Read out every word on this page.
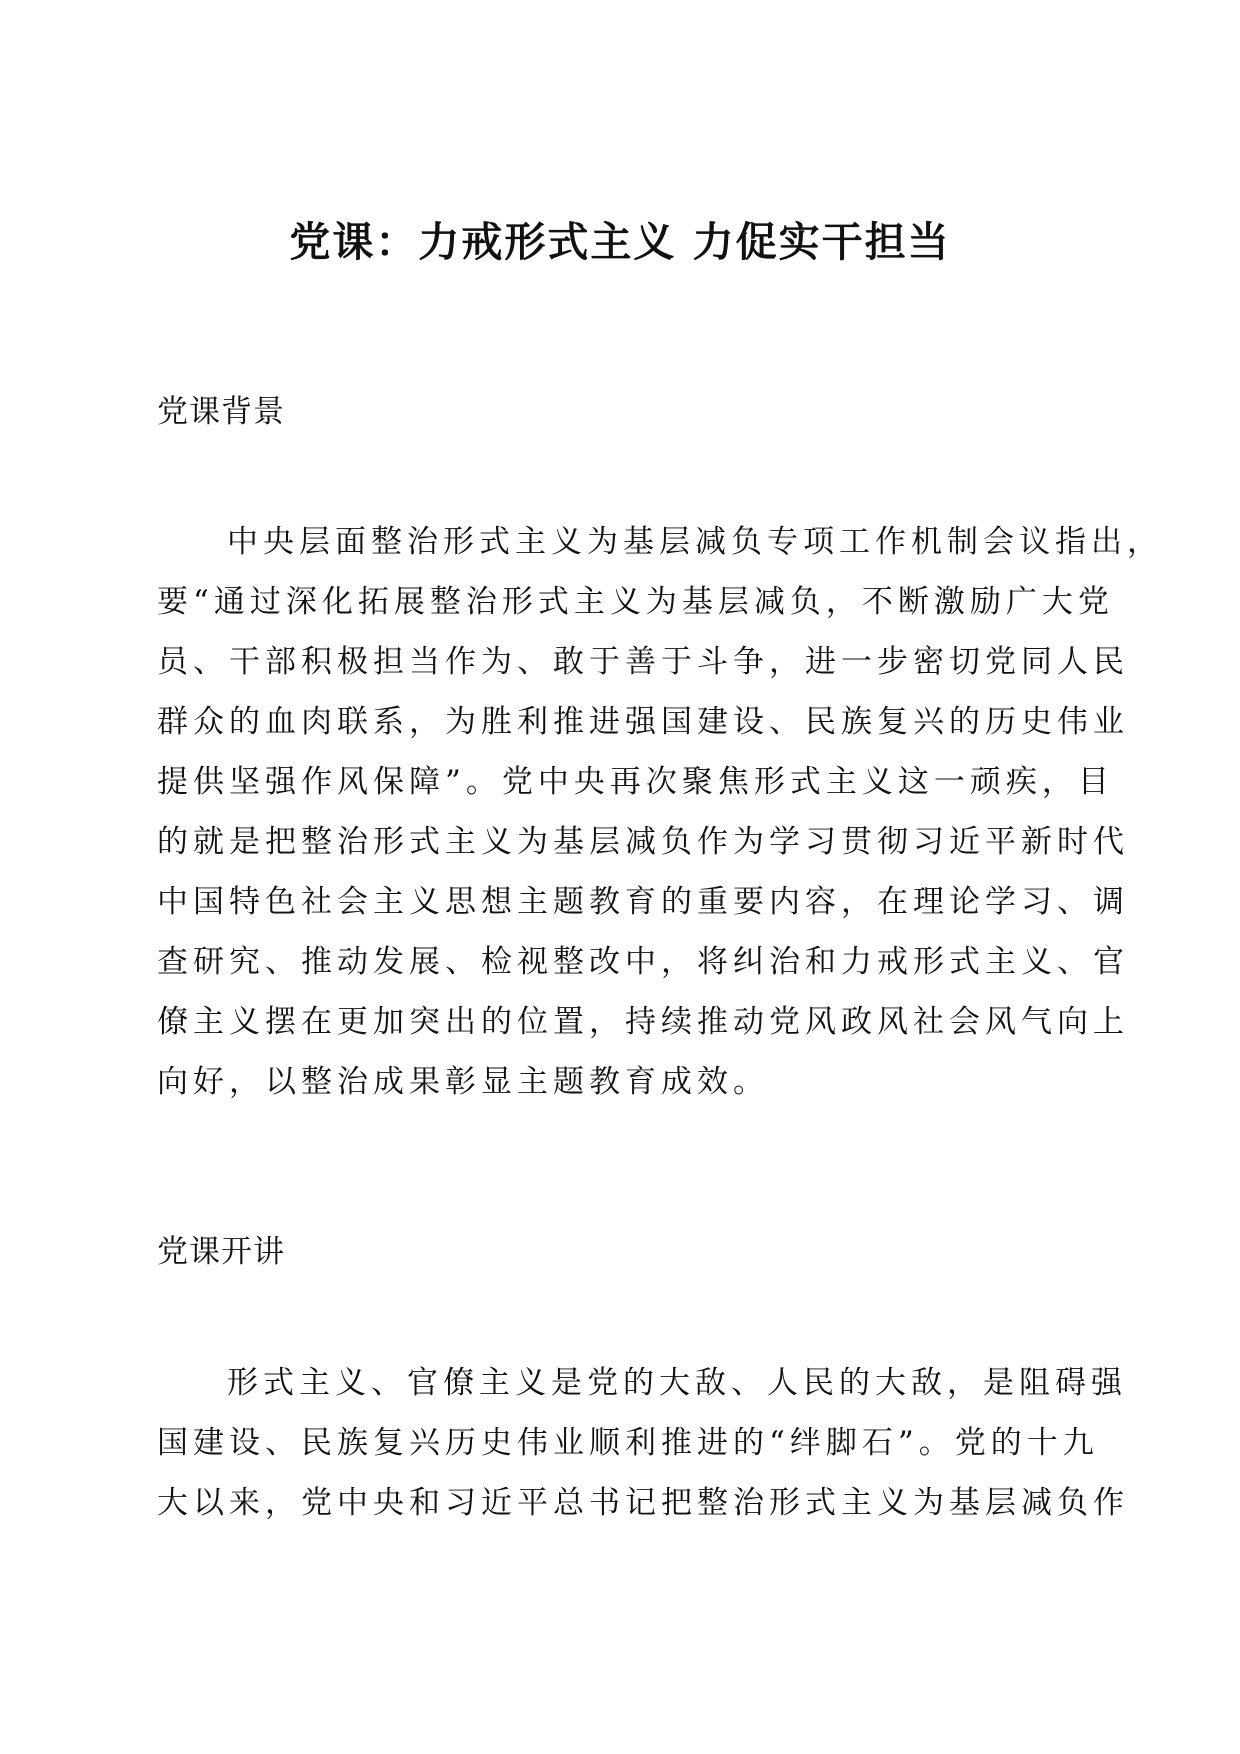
党课：力戒形式主义 力促实干担当
党课背景
中央层面整治形式主义为基层减负专项工作机制会议指出，
要“通过深化拓展整治形式主义为基层减负，不断激励广大党
员、干部积极担当作为、敢于善于斗争，进一步密切党同人民
群众的血肉联系，为胜利推进强国建设、民族复兴的历史伟业
提供坚强作风保障”。党中央再次聚焦形式主义这一顽疾，目
的就是把整治形式主义为基层减负作为学习贯彻习近平新时代
中国特色社会主义思想主题教育的重要内容，在理论学习、调
查研究、推动发展、检视整改中，将纠治和力戒形式主义、官
僚主义摆在更加突出的位置，持续推动党风政风社会风气向上
向好，以整治成果彰显主题教育成效。
党课开讲
形式主义、官僚主义是党的大敌、人民的大敌，是阻碍强
国建设、民族复兴历史伟业顺利推进的“绊脚石”。党的十九
大以来，党中央和习近平总书记把整治形式主义为基层减负作
